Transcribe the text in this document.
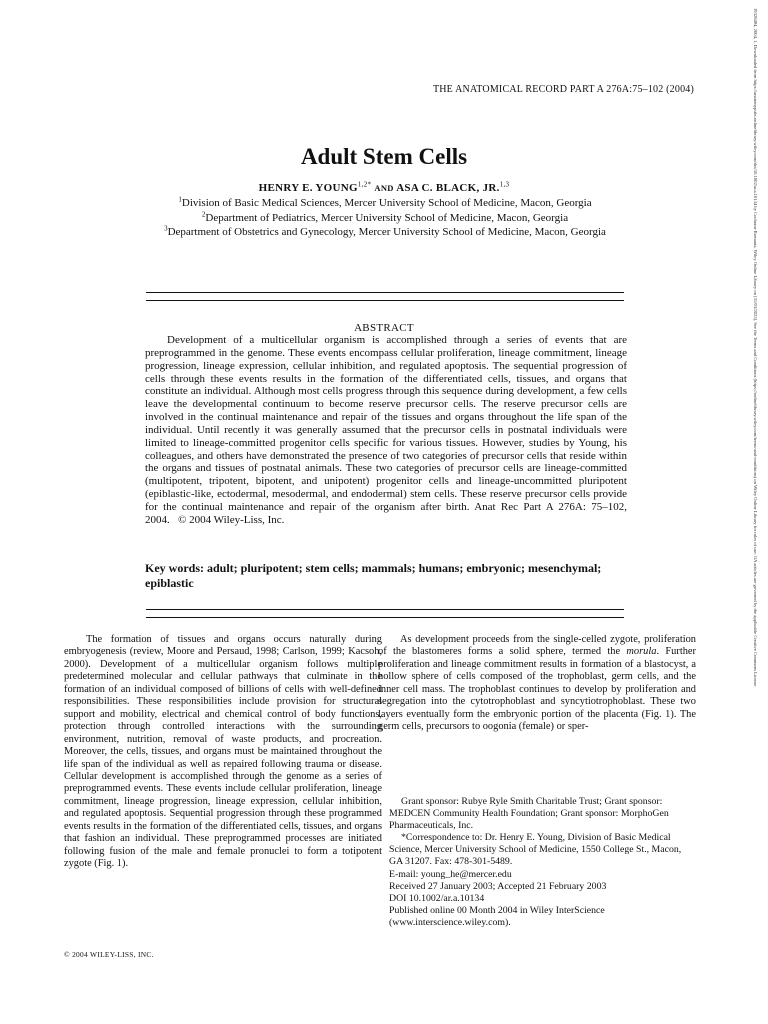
19328494, 2004, 1, Downloaded from https://anatomypubs.onlinelibrary.wiley.com/doi/10.1002/ar.a.10134 by Cochrane Romania, Wiley Online Library on [31/03/2023]. See the Terms and Conditions (https://onlinelibrary.wiley.com/terms-and-conditions) on Wiley Online Library for rules of use; OA articles are governed by the applicable Creative Commons License
THE ANATOMICAL RECORD PART A 276A:75–102 (2004)
Adult Stem Cells
HENRY E. $YOUNG^{1,2*}$ AND ASA C. BLACK, JR.$^{1,3}$

$^1$Division of Basic Medical Sciences, Mercer University School of Medicine, Macon, Georgia

$^2$Department of Pediatrics, Mercer University School of Medicine, Macon, Georgia

$^3$Department of Obstetrics and Gynecology, Mercer University School of Medicine, Macon, Georgia

ABSTRACT

Development of a multicellular organism is accomplished through a series of events that are preprogrammed in the genome. These events encompass cellular proliferation, lineage commitment, lineage progression, lineage expression, cellular inhibition, and regulated apoptosis. The sequential progression of cells through these events results in the formation of the differentiated cells, tissues, and organs that constitute an individual. Although most cells progress through this sequence during development, a few cells leave the developmental continuum to become reserve precursor cells. The reserve precursor cells are involved in the continual maintenance and repair of the tissues and organs throughout the life span of the individual. Until recently it was generally assumed that the precursor cells in postnatal individuals were limited to lineage-committed progenitor cells specific for various tissues. However, studies by Young, his colleagues, and others have demonstrated the presence of two categories of precursor cells that reside within the organs and tissues of postnatal animals. These two categories of precursor cells are lineage-committed (multipotent, tripotent, bipotent, and unipotent) progenitor cells and lineage-uncommitted pluripotent (epiblastic-like, ectodermal, mesodermal, and endodermal) stem cells. These reserve precursor cells provide for the continual maintenance and repair of the organism after birth. Anat Rec Part A 276A: 75–102, 2004. © 2004 Wiley-Liss, Inc.

Key words: adult; pluripotent; stem cells; mammals; humans; embryonic; mesenchymal; epiblastic

The formation of tissues and organs occurs naturally during embryogenesis (review, Moore and Persaud, 1998; Carlson, 1999; Kacsoh, 2000). Development of a multicellular organism follows multiple predetermined molecular and cellular pathways that culminate in the formation of an individual composed of billions of cells with well-defined responsibilities. These responsibilities include provision for structural support and mobility, electrical and chemical control of body functions, protection through controlled interactions with the surrounding environment, nutrition, removal of waste products, and procreation. Moreover, the cells, tissues, and organs must be maintained throughout the life span of the individual as well as repaired following trauma or disease. Cellular development is accomplished through the genome as a series of preprogrammed events. These events include cellular proliferation, lineage commitment, lineage progression, lineage expression, cellular inhibition, and regulated apoptosis. Sequential progression through these programmed events results in the formation of the differentiated cells, tissues, and organs that fashion an individual. These preprogrammed processes are initiated following fusion of the male and female pronuclei to form a totipotent zygote (Fig. 1).

As development proceeds from the single-celled zygote, proliferation of the blastomeres forms a solid sphere, termed the morula. Further proliferation and lineage commitment results in formation of a blastocyst, a hollow sphere of cells composed of the trophoblast, germ cells, and the inner cell mass. The trophoblast continues to develop by proliferation and segregation into the cytotrophoblast and syncytiotrophoblast. These two layers eventually form the embryonic portion of the placenta (Fig. 1). The germ cells, precursors to oogonia (female) or sper-

Grant sponsor: Rubye Ryle Smith Charitable Trust; Grant sponsor: MEDCEN Community Health Foundation; Grant sponsor: MorphoGen Pharmaceuticals, Inc.

*Correspondence to: Dr. Henry E. Young, Division of Basic Medical Science, Mercer University School of Medicine, 1550 College St., Macon, GA 31207. Fax: 478-301-5489.

E-mail: young_he@mercer.edu

Received 27 January 2003; Accepted 21 February 2003

DOI 10.1002/ar.a.10134

Published online 00 Month 2004 in Wiley InterScience

(www.interscience.wiley.com).

© 2004 WILEY-LISS, INC.
